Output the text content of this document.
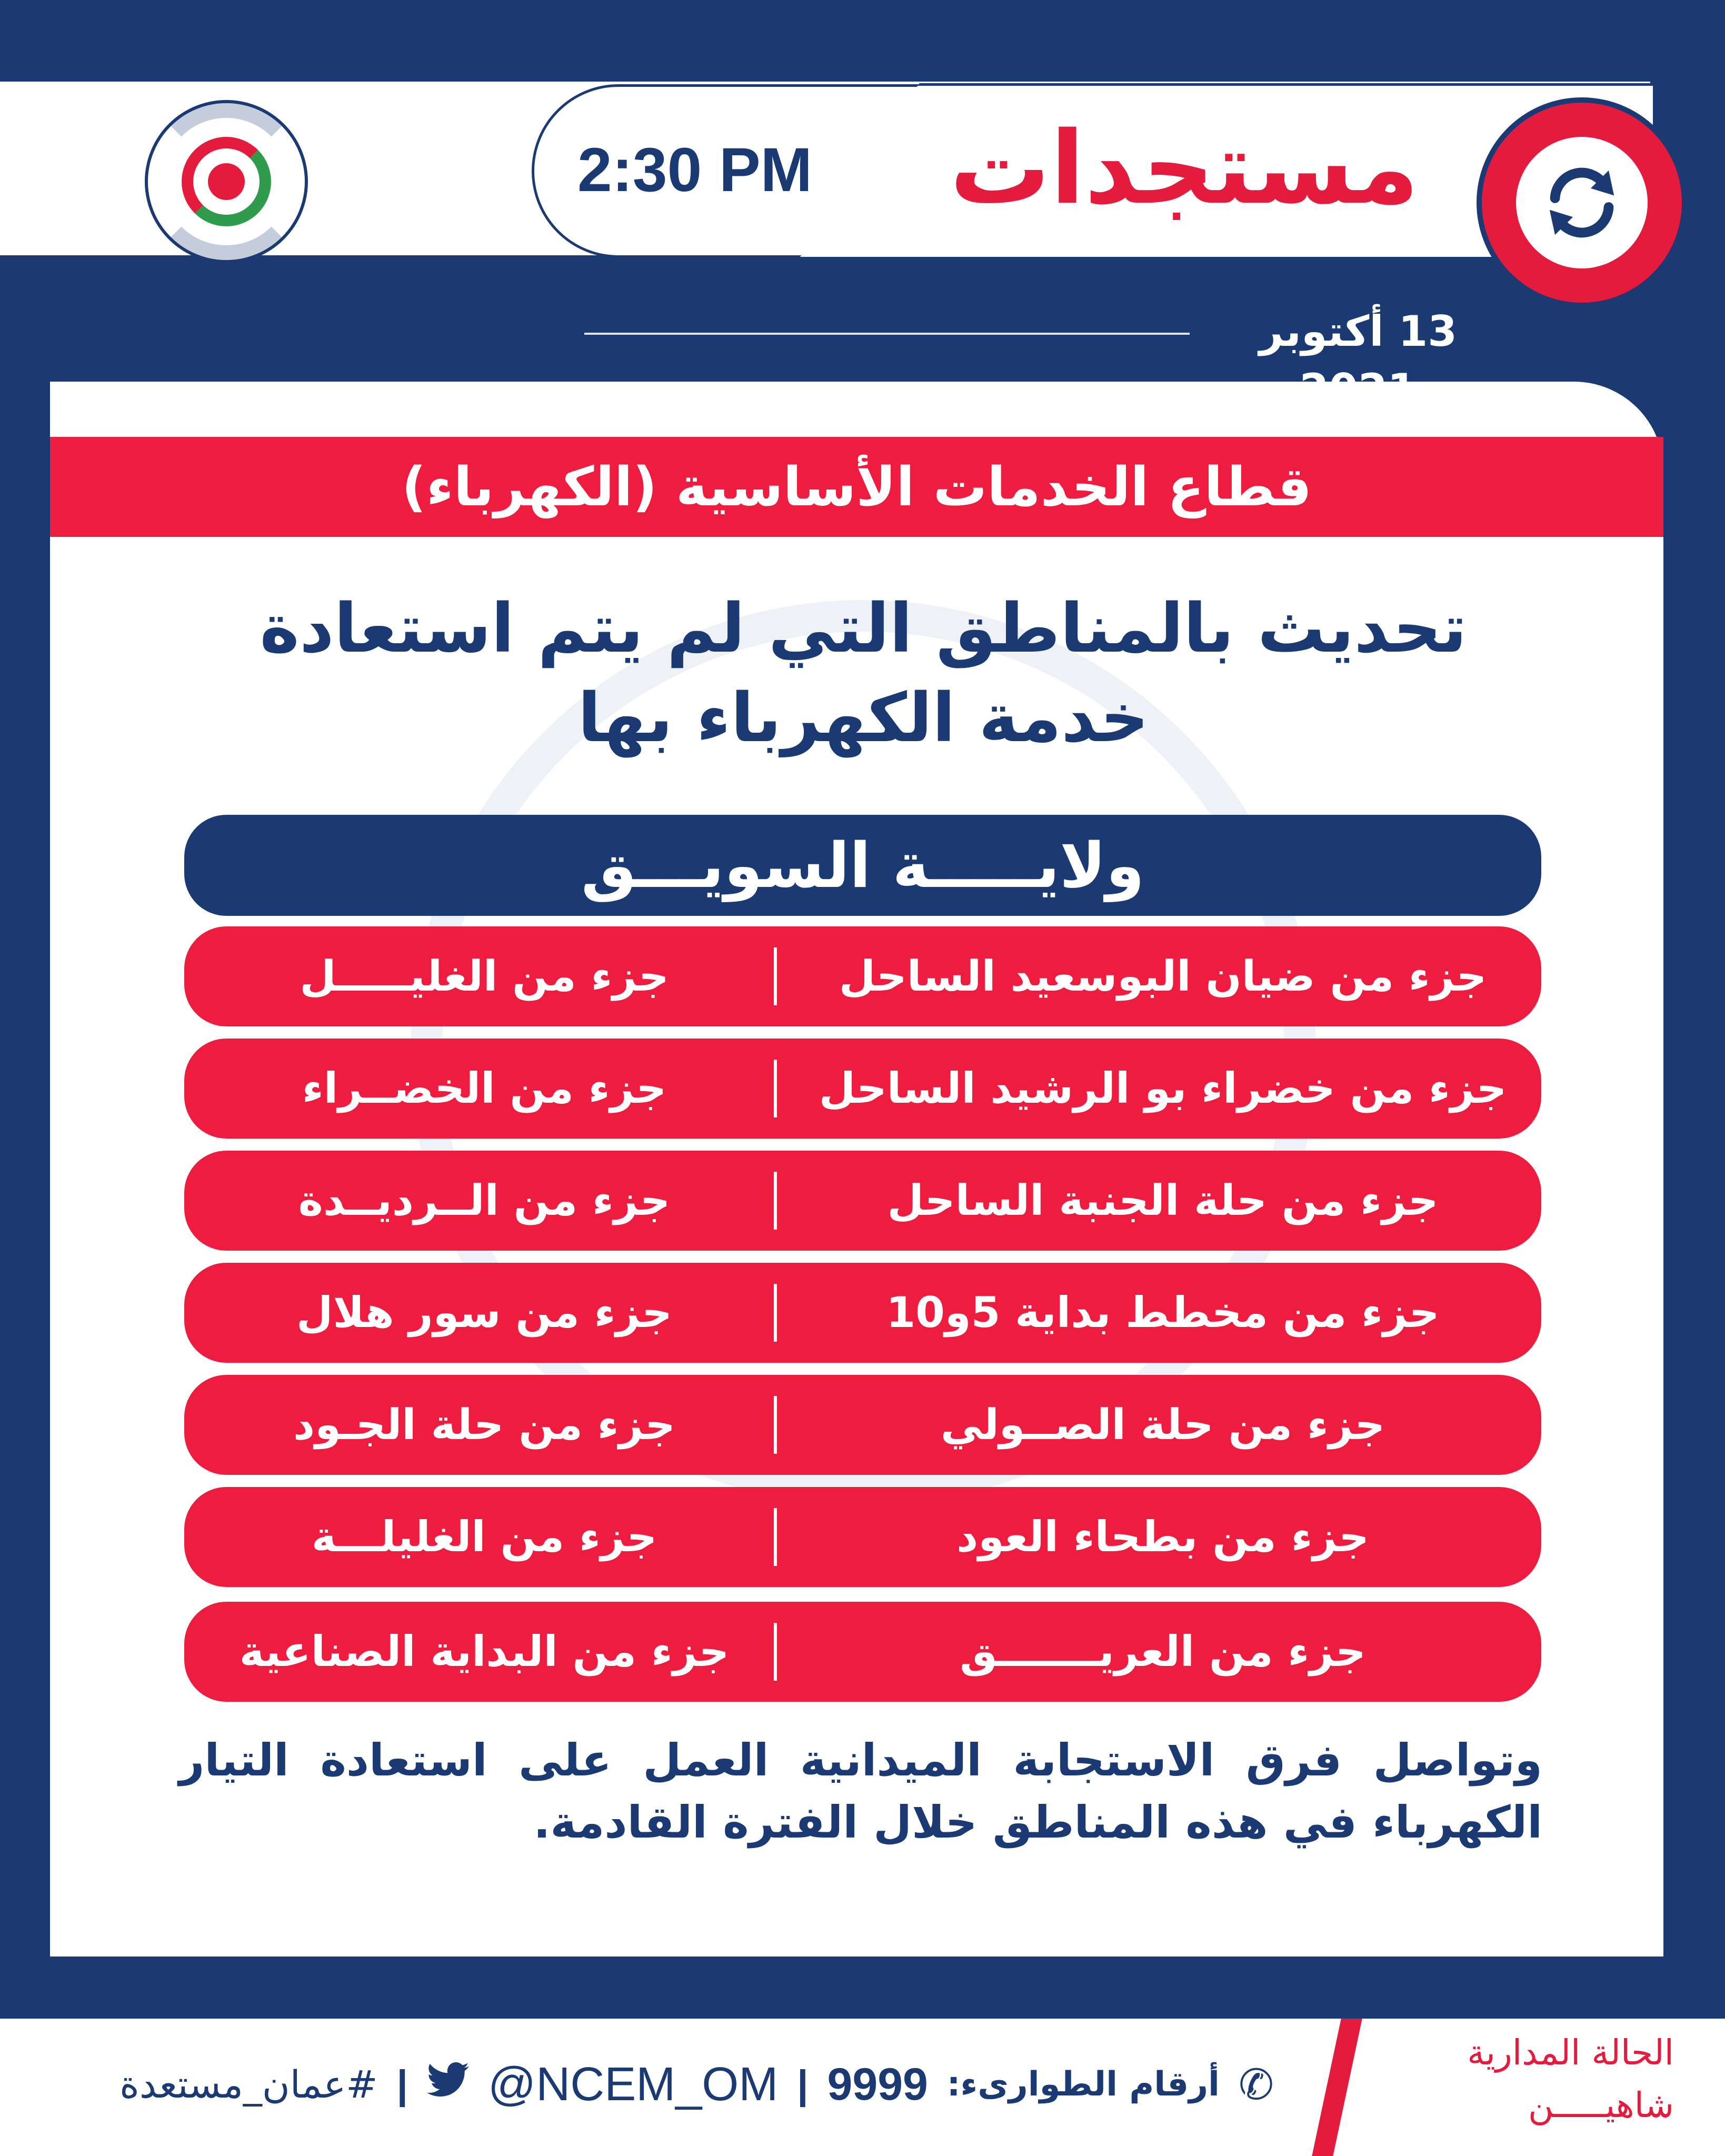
2:30 PM	مستجدات
13 أكتوبر
قطاع الخدمات الأساسية (الكهرباء)
تحديث بالمناطق التي لم يتم استعادة خدمة الكهرباء بها
ولايـــــة السويـــق
جزء من ضيان البوسعيد الساحل
جزء من الغليـــــل
جزء من خضراء بو الرشيد الساحل
جزء من الخضــراء
جزء من حلة الجنبة الساحل
جزء من الــرديــدة
جزء من مخطط بداية 5و10
جزء من سور هلال
جزء من حلة الصــولي
جزء من حلة الجـود
جزء من بطحاء العود
جزء من الغليلـــة
جزء من العريـــــــق
جزء من البداية الصناعية
وتواصل فرق الاستجابة الميدانية العمل على استعادة التيار الكهرباء في هذه المناطق خلال الفترة القادمة.
الحالة المدارية
شاهيـــــن
✆
أرقام الطوارىء:
9999
|
@NCEM_OM
|
#عمان_مستعدة
